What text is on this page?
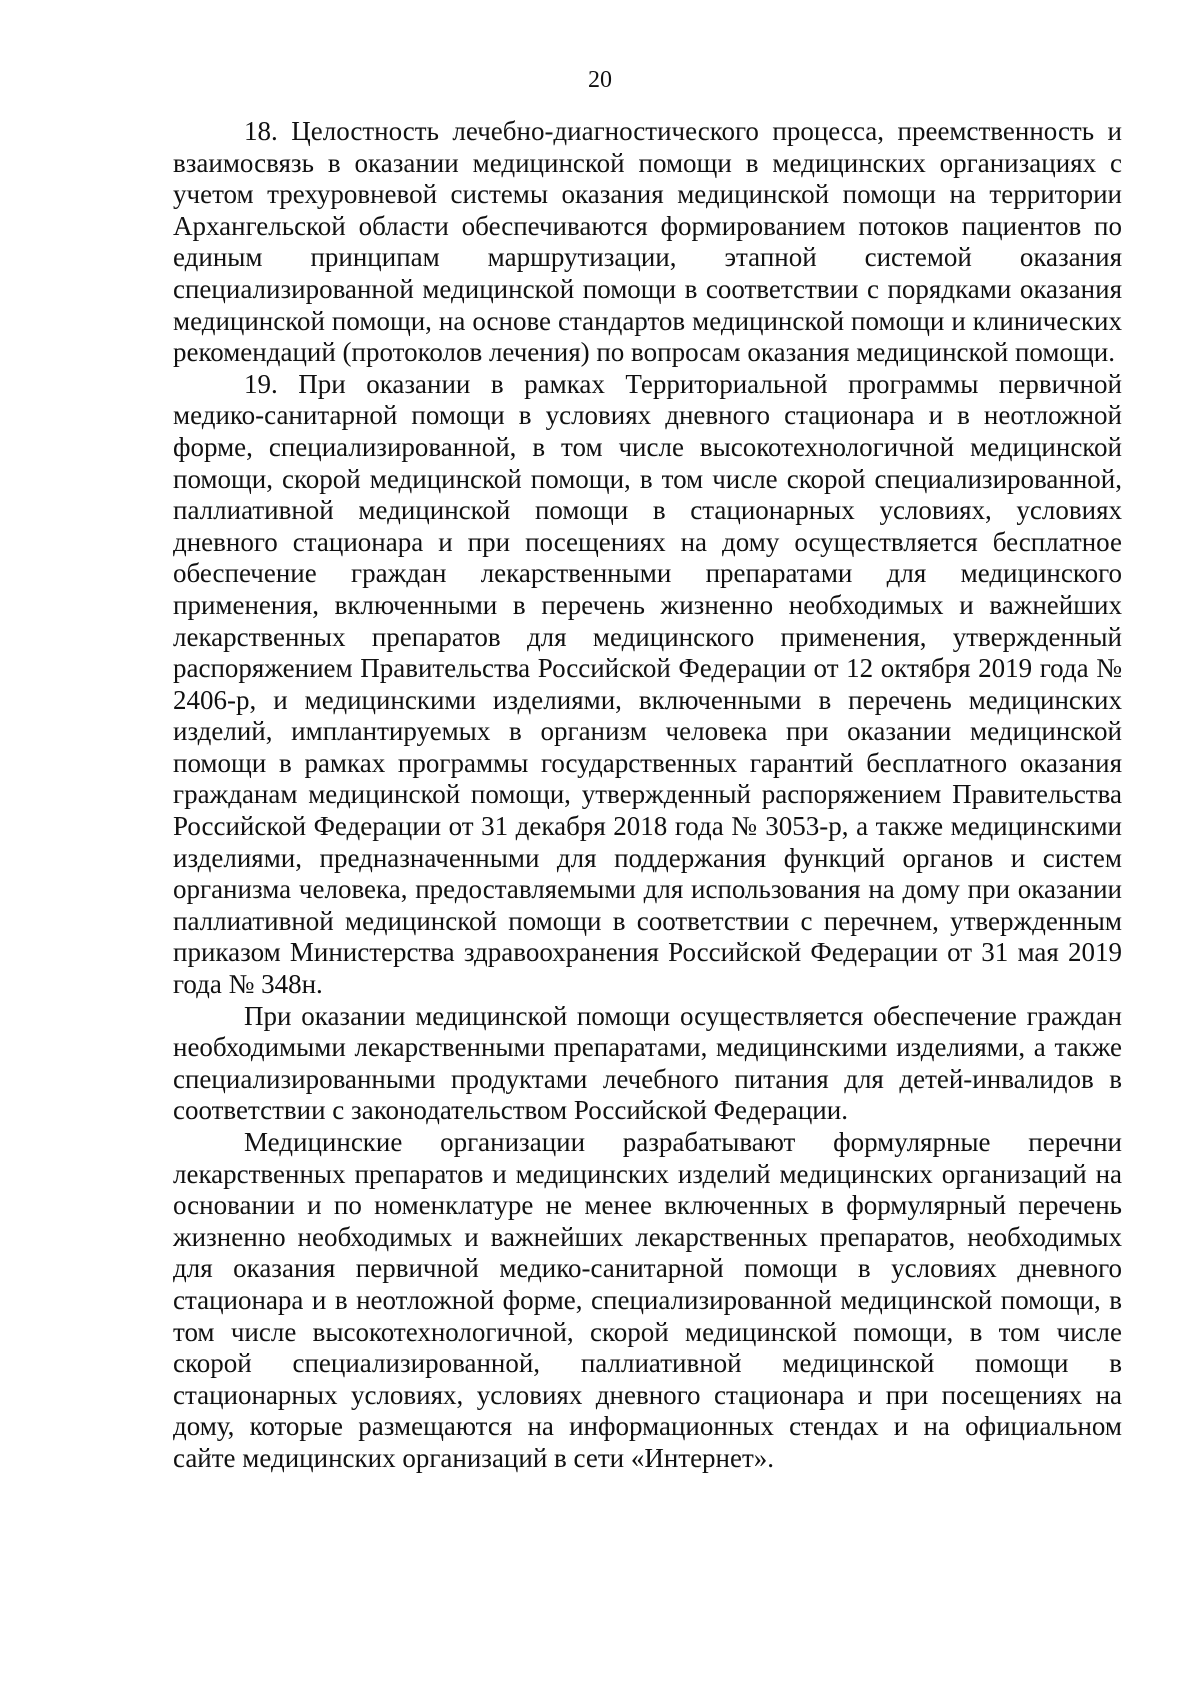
20

18. Целостность лечебно-диагностического процесса, преемственность и взаимосвязь в оказании медицинской помощи в медицинских организациях с учетом трехуровневой системы оказания медицинской помощи на территории Архангельской области обеспечиваются формированием потоков пациентов по единым принципам маршрутизации, этапной системой оказания специализированной медицинской помощи в соответствии с порядками оказания медицинской помощи, на основе стандартов медицинской помощи и клинических рекомендаций (протоколов лечения) по вопросам оказания медицинской помощи.

19. При оказании в рамках Территориальной программы первичной медико-санитарной помощи в условиях дневного стационара и в неотложной форме, специализированной, в том числе высокотехнологичной медицинской помощи, скорой медицинской помощи, в том числе скорой специализированной, паллиативной медицинской помощи в стационарных условиях, условиях дневного стационара и при посещениях на дому осуществляется бесплатное обеспечение граждан лекарственными препаратами для медицинского применения, включенными в перечень жизненно необходимых и важнейших лекарственных препаратов для медицинского применения, утвержденный распоряжением Правительства Российской Федерации от 12 октября 2019 года № 2406-р, и медицинскими изделиями, включенными в перечень медицинских изделий, имплантируемых в организм человека при оказании медицинской помощи в рамках программы государственных гарантий бесплатного оказания гражданам медицинской помощи, утвержденный распоряжением Правительства Российской Федерации от 31 декабря 2018 года № 3053-р, а также медицинскими изделиями, предназначенными для поддержания функций органов и систем организма человека, предоставляемыми для использования на дому при оказании паллиативной медицинской помощи в соответствии с перечнем, утвержденным приказом Министерства здравоохранения Российской Федерации от 31 мая 2019 года № 348н.

При оказании медицинской помощи осуществляется обеспечение граждан необходимыми лекарственными препаратами, медицинскими изделиями, а также специализированными продуктами лечебного питания для детей-инвалидов в соответствии с законодательством Российской Федерации.

Медицинские организации разрабатывают формулярные перечни лекарственных препаратов и медицинских изделий медицинских организаций на основании и по номенклатуре не менее включенных в формулярный перечень жизненно необходимых и важнейших лекарственных препаратов, необходимых для оказания первичной медико-санитарной помощи в условиях дневного стационара и в неотложной форме, специализированной медицинской помощи, в том числе высокотехнологичной, скорой медицинской помощи, в том числе скорой специализированной, паллиативной медицинской помощи в стационарных условиях, условиях дневного стационара и при посещениях на дому, которые размещаются на информационных стендах и на официальном сайте медицинских организаций в сети «Интернет».
